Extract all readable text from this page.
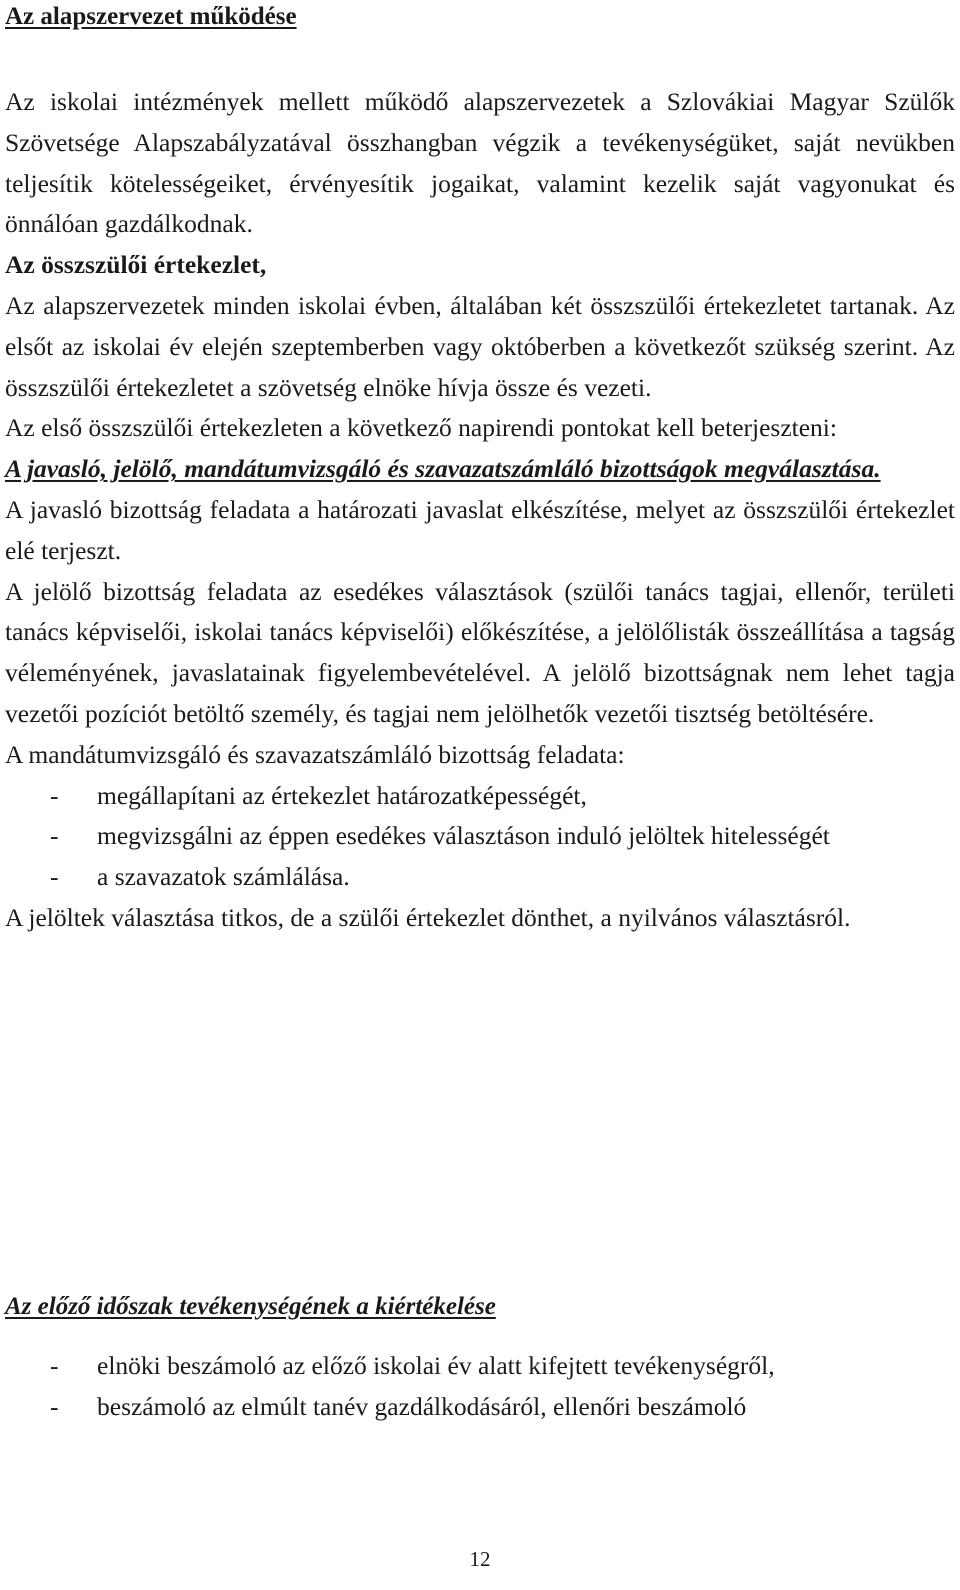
Az alapszervezet működése

Az iskolai intézmények mellett működő alapszervezetek a Szlovákiai Magyar Szülők Szövetsége Alapszabályzatával összhangban végzik a tevékenységüket, saját nevükben teljesítik kötelességeiket, érvényesítik jogaikat, valamint kezelik saját vagyonukat és önnálóan gazdálkodnak.

Az összszülői értekezlet,

Az alapszervezetek minden iskolai évben, általában két összszülői értekezletet tartanak. Az elsőt az iskolai év elején szeptemberben vagy októberben a következőt szükség szerint. Az összszülői értekezletet a szövetség elnöke hívja össze és vezeti.

Az első összszülői értekezleten a következő napirendi pontokat kell beterjeszteni:

A javasló, jelölő, mandátumvizsgáló és szavazatszámláló bizottságok megválasztása.

A javasló bizottság feladata a határozati javaslat elkészítése, melyet az összszülői értekezlet elé terjeszt.

A jelölő bizottság feladata az esedékes választások (szülői tanács tagjai, ellenőr, területi tanács képviselői, iskolai tanács képviselői) előkészítése, a jelölőlisták összeállítása a tagság véleményének, javaslatainak figyelembevételével. A jelölő bizottságnak nem lehet tagja vezetői pozíciót betöltő személy, és tagjai nem jelölhetők vezetői tisztség betöltésére.

A mandátumvizsgáló és szavazatszámláló bizottság feladata:

- megállapítani az értekezlet határozatképességét,
- megvizsgálni az éppen esedékes választáson induló jelöltek hitelességét
- a szavazatok számlálása.

A jelöltek választása titkos, de a szülői értekezlet dönthet, a nyilvános választásról.

Az előző időszak tevékenységének a kiértékelése
- elnöki beszámoló az előző iskolai év alatt kifejtett tevékenységről,
- beszámoló az elmúlt tanév gazdálkodásáról, ellenőri beszámoló
12
